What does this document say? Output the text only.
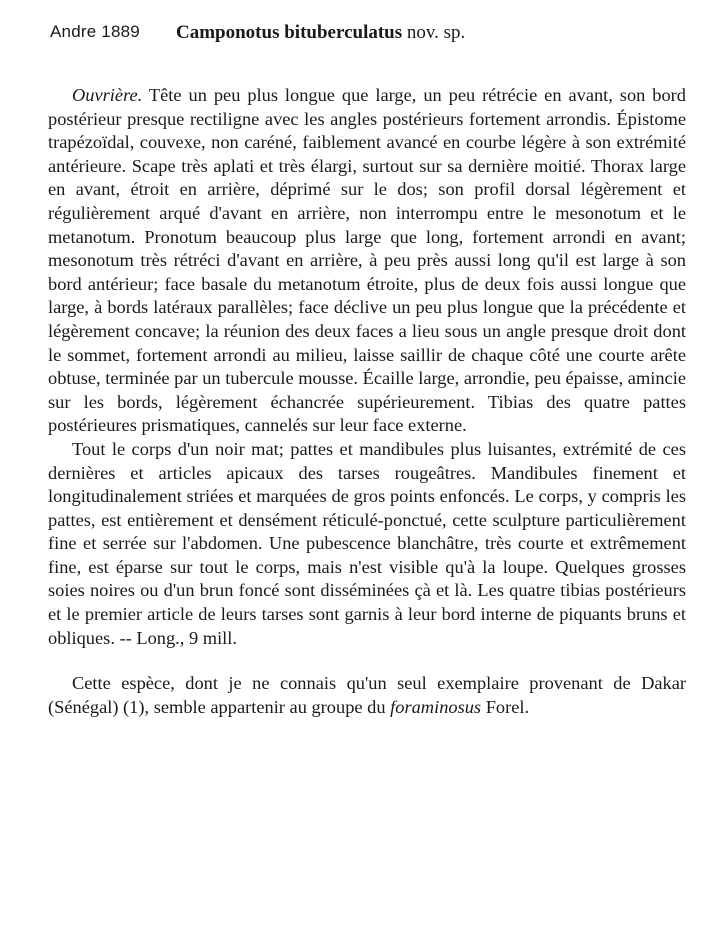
Andre 1889 Camponotus bituberculatus nov. sp.

Ouvrière. Tête un peu plus longue que large, un peu rétrécie en avant, son bord postérieur presque rectiligne avec les angles postérieurs fortement arrondis. Épistome trapézoïdal, couvexe, non caréné, faiblement avancé en courbe légère à son extrémité antérieure. Scape très aplati et très élargi, surtout sur sa dernière moitié. Thorax large en avant, étroit en arrière, déprimé sur le dos; son profil dorsal légèrement et régulièrement arqué d'avant en arrière, non interrompu entre le mesonotum et le metanotum. Pronotum beaucoup plus large que long, fortement arrondi en avant; mesonotum très rétréci d'avant en arrière, à peu près aussi long qu'il est large à son bord antérieur; face basale du metanotum étroite, plus de deux fois aussi longue que large, à bords latéraux parallèles; face déclive un peu plus longue que la précédente et légèrement concave; la réunion des deux faces a lieu sous un angle presque droit dont le sommet, fortement arrondi au milieu, laisse saillir de chaque côté une courte arête obtuse, terminée par un tubercule mousse. Écaille large, arrondie, peu épaisse, amincie sur les bords, légèrement échancrée supérieurement. Tibias des quatre pattes postérieures prismatiques, cannelés sur leur face externe.

Tout le corps d'un noir mat; pattes et mandibules plus luisantes, extrémité de ces dernières et articles apicaux des tarses rougeâtres. Mandibules finement et longitudinalement striées et marquées de gros points enfoncés. Le corps, y compris les pattes, est entièrement et densément réticulé-ponctué, cette sculpture particulièrement fine et serrée sur l'abdomen. Une pubescence blanchâtre, très courte et extrêmement fine, est éparse sur tout le corps, mais n'est visible qu'à la loupe. Quelques grosses soies noires ou d'un brun foncé sont disséminées çà et là. Les quatre tibias postérieurs et le premier article de leurs tarses sont garnis à leur bord interne de piquants bruns et obliques. -- Long., 9 mill.

Cette espèce, dont je ne connais qu'un seul exemplaire provenant de Dakar (Sénégal) (1), semble appartenir au groupe du foraminosus Forel.
